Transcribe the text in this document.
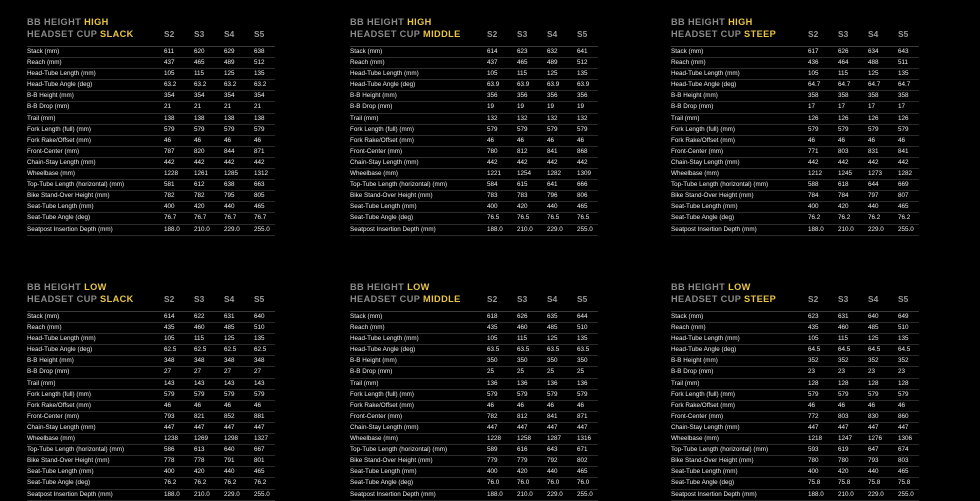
BB HEIGHT HIGH
HEADSET CUP SLACK	S2 S3 S4 S5
Stack (mm)	611	620	629	638
Reach (mm)	437	465	489	512
Head-Tube Length (mm)	105	115	125	135
Head-Tube Angle (deg)	63.2	63.2	63.2	63.2
B-B Height (mm)	354	354	354	354
B-B Drop (mm)	21	21	21	21
Trail (mm)	138	138	138	138
Fork Length (full) (mm)	579	579	579	579
Fork Rake/Offset (mm)	46	46	46	46
Front-Center (mm)	787	820	844	871
Chain-Stay Length (mm)	442	442	442	442
Wheelbase (mm)	1228	1261	1285	1312
Top-Tube Length (horizontal) (mm)	581	612	638	663
Bike Stand-Over Height (mm)	782	782	795	805
Seat-Tube Length (mm)	400	420	440	465
Seat-Tube Angle (deg)	76.7	76.7	76.7	76.7
Seatpost Insertion Depth (mm)	188.0 210.0 229.0 255.0
BB HEIGHT HIGH
HEADSET CUP MIDDLE	S2 S3 S4 S5
Stack (mm)	614	623	632	641
Reach (mm)	437	465	489	512
Head-Tube Length (mm)	105	115	125	135
Head-Tube Angle (deg)	63.9	63.9	63.9	63.9
B-B Height (mm)	356	356	356	356
B-B Drop (mm)	19	19	19	19
Trail (mm)	132	132	132	132
Fork Length (full) (mm)	579	579	579	579
Fork Rake/Offset (mm)	46	46	46	46
Front-Center (mm)	780	812	841	868
Chain-Stay Length (mm)	442	442	442	442
Wheelbase (mm)	1221	1254	1282	1309
Top-Tube Length (horizontal) (mm)	584	615	641	666
Bike Stand-Over Height (mm)	783	783	796	806
Seat-Tube Length (mm)	400	420	440	465
Seat-Tube Angle (deg)	76.5	76.5	76.5	76.5
Seatpost Insertion Depth (mm)	188.0 210.0 229.0 255.0
BB HEIGHT HIGH
HEADSET CUP STEEP	S2 S3 S4 S5
Stack (mm)	617	626	634	643
Reach (mm)	436	464	488	511
Head-Tube Length (mm)	105	115	125	135
Head-Tube Angle (deg)	64.7	64.7	64.7	64.7
B-B Height (mm)	358	358	358	358
B-B Drop (mm)	17	17	17	17
Trail (mm)	126	126	126	126
Fork Length (full) (mm)	579	579	579	579
Fork Rake/Offset (mm)	46	46	46	46
Front-Center (mm)	771	803	831	841
Chain-Stay Length (mm)	442	442	442	442
Wheelbase (mm)	1212	1245	1273	1282
Top-Tube Length (horizontal) (mm)	588	618	644	669
Bike Stand-Over Height (mm)	784	784	797	807
Seat-Tube Length (mm)	400	420	440	465
Seat-Tube Angle (deg)	76.2	76.2	76.2	76.2
Seatpost Insertion Depth (mm)	188.0 210.0 229.0 255.0
BB HEIGHT LOW
HEADSET CUP SLACK	S2 S3 S4 S5
Stack (mm)	614	622	631	640
Reach (mm)	435	460	485	510
Head-Tube Length (mm)	105	115	125	135
Head-Tube Angle (deg)	62.5	62.5	62.5	62.5
B-B Height (mm)	348	348	348	348
B-B Drop (mm)	27	27	27	27
Trail (mm)	143	143	143	143
Fork Length (full) (mm)	579	579	579	579
Fork Rake/Offset (mm)	46	46	46	46
Front-Center (mm)	793	821	852	881
Chain-Stay Length (mm)	447	447	447	447
Wheelbase (mm)	1238	1269	1298	1327
Top-Tube Length (horizontal) (mm)	586	613	640	667
Bike Stand-Over Height (mm)	778	778	791	801
Seat-Tube Length (mm)	400	420	440	465
Seat-Tube Angle (deg)	76.2	76.2	76.2	76.2
Seatpost Insertion Depth (mm)	188.0 210.0 229.0 255.0
BB HEIGHT LOW
HEADSET CUP MIDDLE	S2 S3 S4 S5
Stack (mm)	618	626	635	644
Reach (mm)	435	460	485	510
Head-Tube Length (mm)	105	115	125	135
Head-Tube Angle (deg)	63.5	63.5	63.5	63.5
B-B Height (mm)	350	350	350	350
B-B Drop (mm)	25	25	25	25
Trail (mm)	136	136	136	136
Fork Length (full) (mm)	579	579	579	579
Fork Rake/Offset (mm)	46	46	46	46
Front-Center (mm)	782	812	841	871
Chain-Stay Length (mm)	447	447	447	447
Wheelbase (mm)	1228	1258	1287	1316
Top-Tube Length (horizontal) (mm)	589	616	643	671
Bike Stand-Over Height (mm)	779	779	792	802
Seat-Tube Length (mm)	400	420	440	465
Seat-Tube Angle (deg)	76.0	76.0	76.0	76.0
Seatpost Insertion Depth (mm)	188.0 210.0 229.0 255.0
BB HEIGHT LOW
HEADSET CUP STEEP	S2 S3 S4 S5
Stack (mm)	623	631	640	649
Reach (mm)	435	460	485	510
Head-Tube Length (mm)	105	115	125	135
Head-Tube Angle (deg)	64.5	64.5	64.5	64.5
B-B Height (mm)	352	352	352	352
B-B Drop (mm)	23	23	23	23
Trail (mm)	128	128	128	128
Fork Length (full) (mm)	579	579	579	579
Fork Rake/Offset (mm)	46	46	46	46
Front-Center (mm)	772	803	830	860
Chain-Stay Length (mm)	447	447	447	447
Wheelbase (mm)	1218	1247	1276	1306
Top-Tube Length (horizontal) (mm)	593	619	647	674
Bike Stand-Over Height (mm)	780	780	793	803
Seat-Tube Length (mm)	400	420	440	465
Seat-Tube Angle (deg)	75.8	75.8	75.8	75.8
Seatpost Insertion Depth (mm)	188.0 210.0 229.0 255.0
